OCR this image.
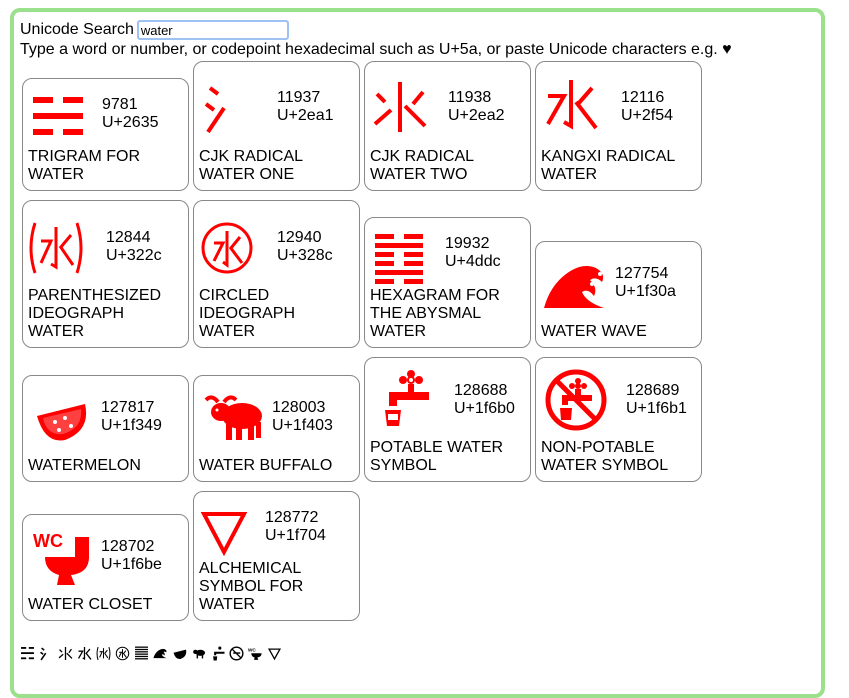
Unicode Search
water
Type a word or number, or codepoint hexadecimal such as U+5a, or paste Unicode characters e.g. ♥
9781
U+2635
TRIGRAM FOR WATER
11937
U+2ea1
CJK RADICAL WATER ONE
11938
U+2ea2
CJK RADICAL WATER TWO
12116
U+2f54
KANGXI RADICAL WATER
12844
U+322c
PARENTHESIZED IDEOGRAPH WATER
12940
U+328c
CIRCLED IDEOGRAPH WATER
19932
U+4ddc
HEXAGRAM FOR THE ABYSMAL WATER
127754
U+1f30a
WATER WAVE
127817
U+1f349
WATERMELON
128003
U+1f403
WATER BUFFALO
128688
U+1f6b0
POTABLE WATER SYMBOL
128689
U+1f6b1
NON-POTABLE WATER SYMBOL
WC 128702
U+1f6be
WATER CLOSET
128772
U+1f704
ALCHEMICAL SYMBOL FOR WATER
WC
